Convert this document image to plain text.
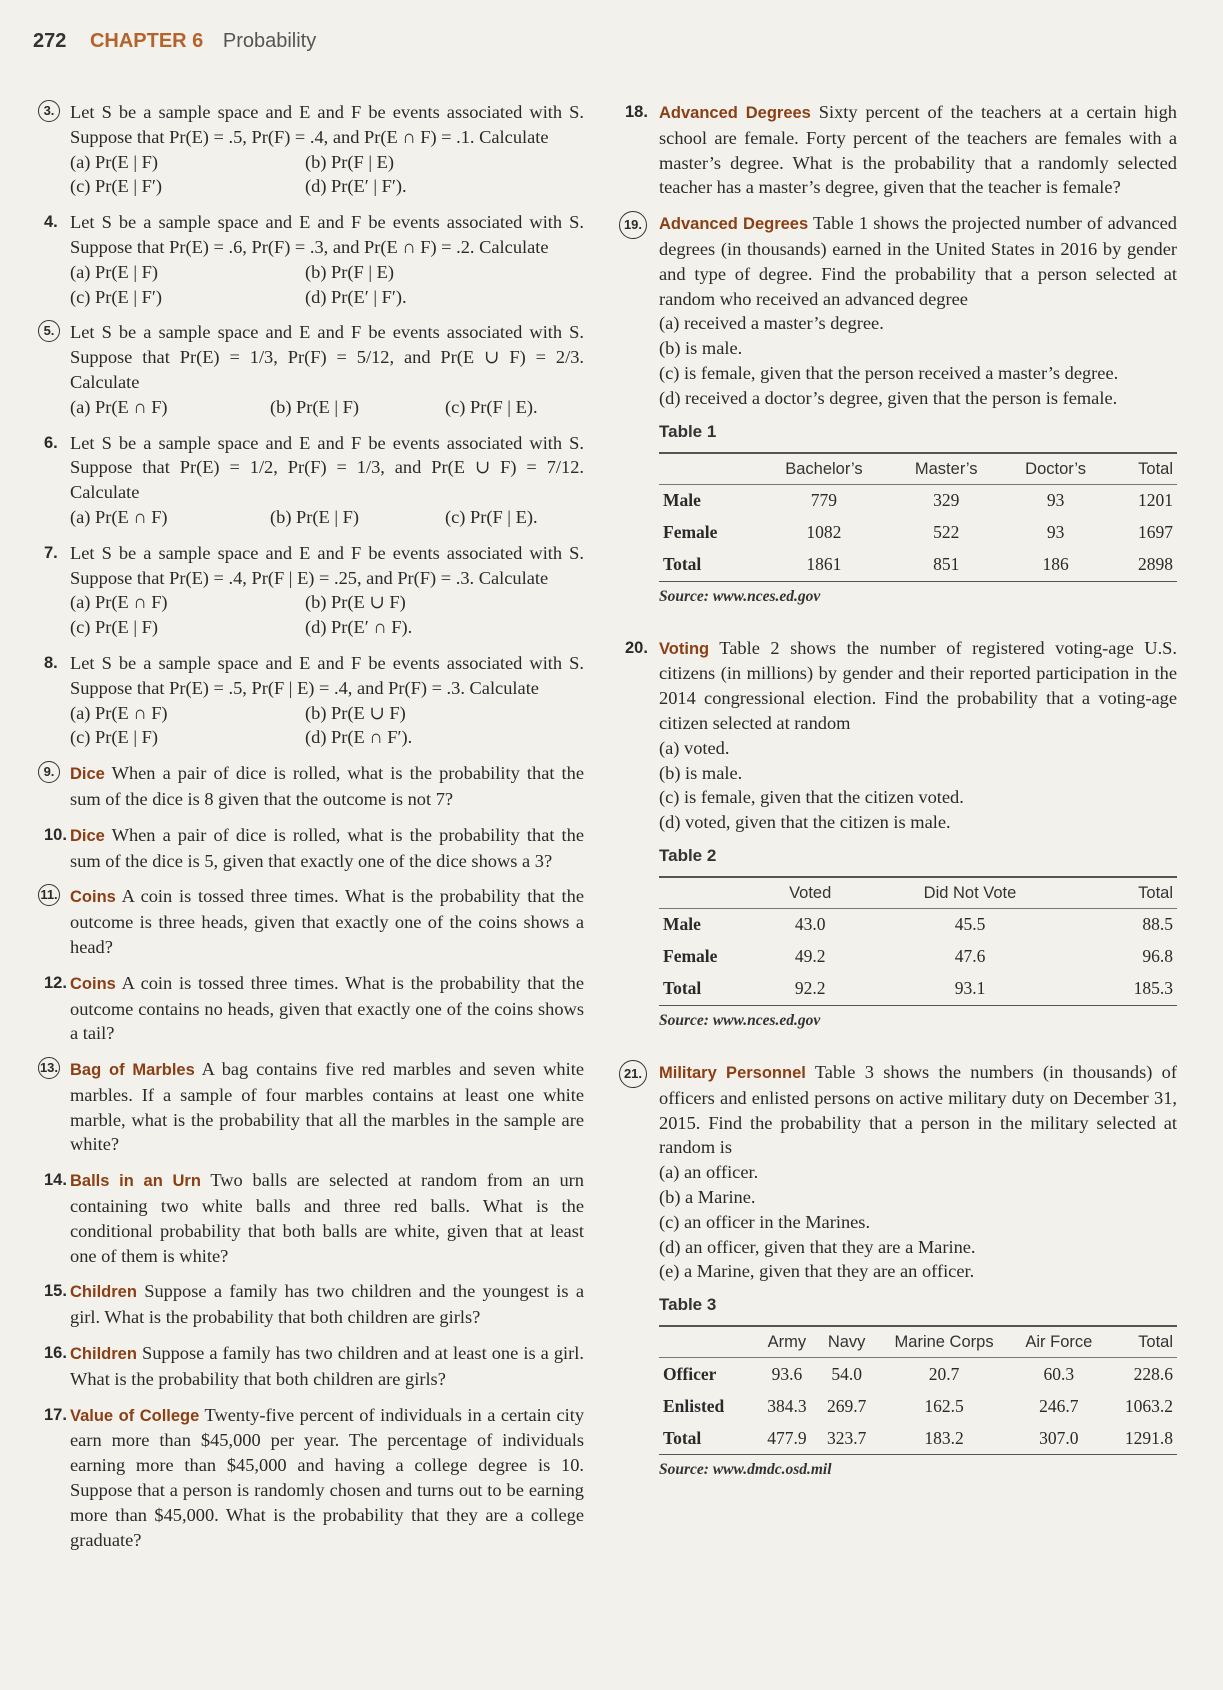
272 CHAPTER 6 Probability
3. Let S be a sample space and E and F be events associated with S. Suppose that Pr(E) = .5, Pr(F) = .4, and Pr(E ∩ F) = .1. Calculate
(a) Pr(E | F)	(b) Pr(F | E)
(c) Pr(E | F′)	(d) Pr(E′ | F′).
4. Let S be a sample space and E and F be events associated with S. Suppose that Pr(E) = .6, Pr(F) = .3, and Pr(E ∩ F) = .2. Calculate
(a) Pr(E | F)	(b) Pr(F | E)
(c) Pr(E | F′)	(d) Pr(E′ | F′).
5. Let S be a sample space and E and F be events associated with S. Suppose that Pr(E) = 1/3, Pr(F) = 5/12, and Pr(E ∪ F) = 2/3. Calculate
(a) Pr(E ∩ F)	(b) Pr(E | F)	(c) Pr(F | E).
6. Let S be a sample space and E and F be events associated with S. Suppose that Pr(E) = 1/2, Pr(F) = 1/3, and Pr(E ∪ F) = 7/12. Calculate
(a) Pr(E ∩ F)	(b) Pr(E | F)	(c) Pr(F | E).
7. Let S be a sample space and E and F be events associated with S. Suppose that Pr(E) = .4, Pr(F | E) = .25, and Pr(F) = .3. Calculate
(a) Pr(E ∩ F)	(b) Pr(E ∪ F)
(c) Pr(E | F)	(d) Pr(E′ ∩ F).
8. Let S be a sample space and E and F be events associated with S. Suppose that Pr(E) = .5, Pr(F | E) = .4, and Pr(F) = .3. Calculate
(a) Pr(E ∩ F)	(b) Pr(E ∪ F)
(c) Pr(E | F)	(d) Pr(E ∩ F′).
9. Dice When a pair of dice is rolled, what is the probability that the sum of the dice is 8 given that the outcome is not 7?
10. Dice When a pair of dice is rolled, what is the probability that the sum of the dice is 5, given that exactly one of the dice shows a 3?
11. Coins A coin is tossed three times. What is the probability that the outcome is three heads, given that exactly one of the coins shows a head?
12. Coins A coin is tossed three times. What is the probability that the outcome contains no heads, given that exactly one of the coins shows a tail?
13. Bag of Marbles A bag contains five red marbles and seven white marbles. If a sample of four marbles contains at least one white marble, what is the probability that all the marbles in the sample are white?
14. Balls in an Urn Two balls are selected at random from an urn containing two white balls and three red balls. What is the conditional probability that both balls are white, given that at least one of them is white?
15. Children Suppose a family has two children and the youngest is a girl. What is the probability that both children are girls?
16. Children Suppose a family has two children and at least one is a girl. What is the probability that both children are girls?
17. Value of College Twenty-five percent of individuals in a certain city earn more than $45,000 per year. The percentage of individuals earning more than $45,000 and having a college degree is 10. Suppose that a person is randomly chosen and turns out to be earning more than $45,000. What is the probability that they are a college graduate?
18. Advanced Degrees Sixty percent of the teachers at a certain high school are female. Forty percent of the teachers are females with a master’s degree. What is the probability that a randomly selected teacher has a master’s degree, given that the teacher is female?
19.	Advanced Degrees Table 1 shows the projected number of advanced degrees (in thousands) earned in the United States in 2016 by gender and type of degree. Find the probability that a person selected at random who received an advanced degree
(a) received a master’s degree.
(b) is male.
(c) is female, given that the person received a master’s degree.
(d) received a doctor’s degree, given that the person is female.
Table 1
	Bachelor’s	Master’s	Doctor’s	Total
Male	779	329	93	1201
Female	1082	522	93	1697
Total	1861	851	186	2898
Source: www.nces.ed.gov
20. Voting Table 2 shows the number of registered voting-age U.S. citizens (in millions) by gender and their reported participation in the 2014 congressional election. Find the probability that a voting-age citizen selected at random
(a) voted.
(b) is male.
(c) is female, given that the citizen voted.
(d) voted, given that the citizen is male.
Table 2
	Voted	Did Not Vote	Total
Male	43.0	45.5	88.5
Female	49.2	47.6	96.8
Total	92.2	93.1	185.3
Source: www.nces.ed.gov
21.	Military Personnel Table 3 shows the numbers (in thousands) of officers and enlisted persons on active military duty on December 31, 2015. Find the probability that a person in the military selected at random is
(a) an officer.
(b) a Marine.
(c) an officer in the Marines.
(d) an officer, given that they are a Marine.
(e) a Marine, given that they are an officer.
Table 3
	Army	Navy	Marine Corps	Air Force	Total
Officer	93.6	54.0	20.7	60.3	228.6
Enlisted	384.3	269.7	162.5	246.7	1063.2
Total	477.9	323.7	183.2	307.0	1291.8
Source: www.dmdc.osd.mil
